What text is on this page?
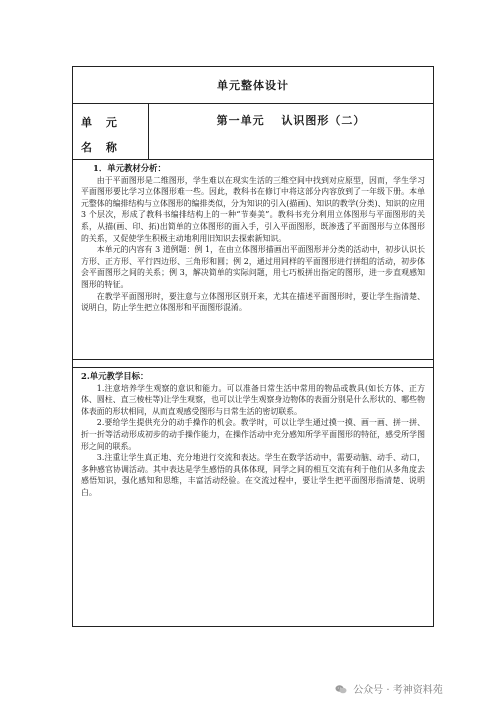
单元整体设计
单 元 名 称
第一单元 认识图形（二）
1．单元教材分析：

由于平面图形是二维图形，学生难以在现实生活的三维空间中找到对应原型，因而，学生学习平面图形要比学习立体图形难一些。因此，教科书在修订中将这部分内容放到了一年级下册。本单元整体的编排结构与立体图形的编排类似，分为知识的引入(描画)、知识的教学(分类)、知识的应用 3 个层次，形成了教科书编排结构上的一种“节奏美”。教科书充分利用立体图形与平面图形的关系，从描(画、印、拓)出简单的立体图形的面入手，引入平面图形，既渗透了平面图形与立体图形的关系，又促使学生积极主动地利用旧知识去探索新知识。

本单元的内容有 3 道例题：例 1，在由立体图形描画出平面图形并分类的活动中，初步认识长方形、正方形、平行四边形、三角形和圆；例 2，通过用同样的平面图形进行拼组的活动，初步体会平面图形之间的关系；例 3，解决简单的实际问题，用七巧板拼出指定的图形，进一步直观感知图形的特征。

在教学平面图形时，要注意与立体图形区别开来，尤其在描述平面图形时，要让学生指清楚、说明白，防止学生把立体图形和平面图形混淆。

2.单元教学目标：

1.注意培养学生观察的意识和能力。可以准备日常生活中常用的物品或教具(如长方体、正方体、圆柱、直三棱柱等)让学生观察，也可以让学生观察身边物体的表面分别是什么形状的、哪些物体表面的形状相同，从而直观感受图形与日常生活的密切联系。

2.要给学生提供充分的动手操作的机会。教学时，可以让学生通过摸一摸、画一画、拼一拼、折一折等活动形成初步的动手操作能力，在操作活动中充分感知所学平面图形的特征，感受所学图形之间的联系。

3.注重让学生真正地、充分地进行交流和表达。学生在数学活动中，需要动脑、动手、动口，多种感官协调活动。其中表达是学生感悟的具体体现，同学之间的相互交流有利于他们从多角度去感悟知识，强化感知和思维，丰富活动经验。在交流过程中，要让学生把平面图形指清楚、说明白。

公众号 · 考神资料苑
